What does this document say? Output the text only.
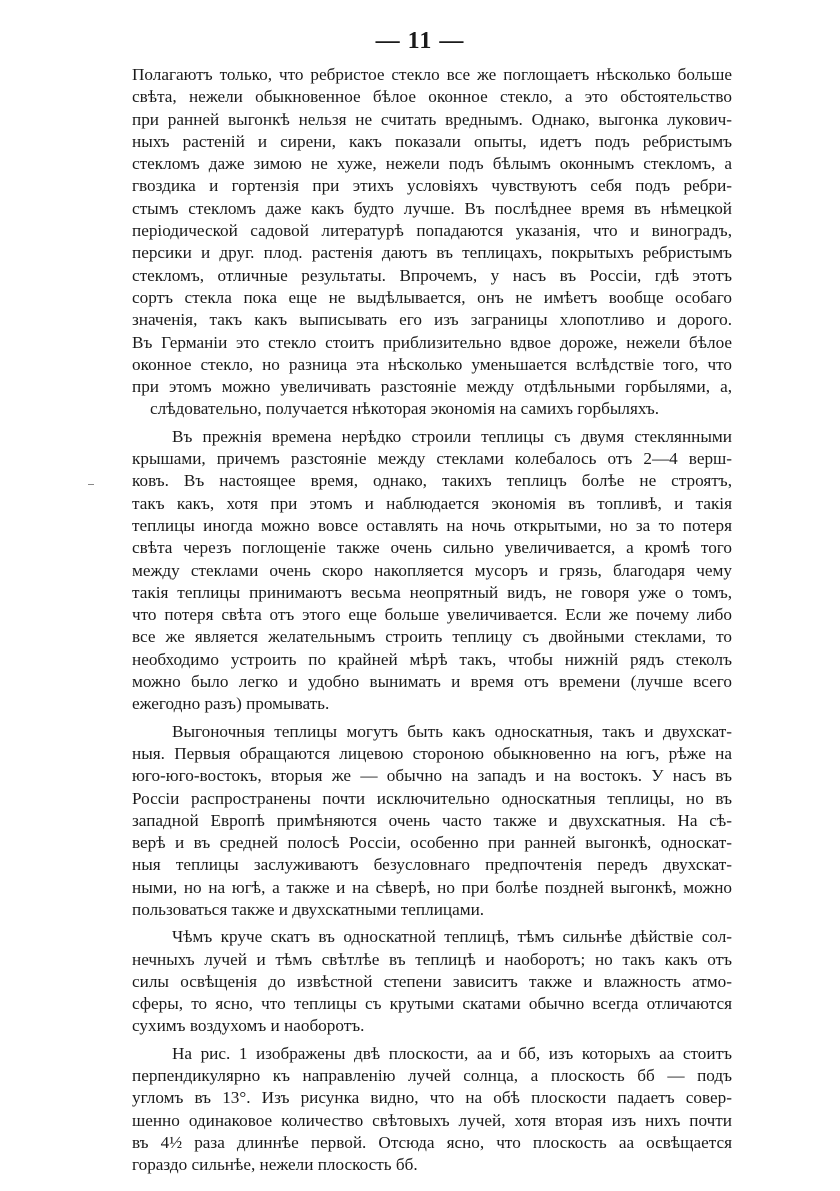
— 11 —
Полагаютъ только, что ребристое стекло все же поглощаетъ нѣсколько больше
свѣта, нежели обыкновенное бѣлое оконное стекло, а это обстоятельство
при ранней выгонкѣ нельзя не считать вреднымъ. Однако, выгонка лукович-
ныхъ растеній и сирени, какъ показали опыты, идетъ подъ ребристымъ
стекломъ даже зимою не хуже, нежели подъ бѣлымъ оконнымъ стекломъ, а
гвоздика и гортензія при этихъ условіяхъ чувствуютъ себя подъ ребри-
стымъ стекломъ даже какъ будто лучше. Въ послѣднее время въ нѣмецкой
періодической садовой литературѣ попадаются указанія, что и виноградъ,
персики и друг. плод. растенія даютъ въ теплицахъ, покрытыхъ ребристымъ
стекломъ, отличные результаты. Впрочемъ, у насъ въ Россіи, гдѣ этотъ
сортъ стекла пока еще не выдѣлывается, онъ не имѣетъ вообще особаго
значенія, такъ какъ выписывать его изъ заграницы хлопотливо и дорого.
Въ Германіи это стекло стоитъ приблизительно вдвое дороже, нежели бѣлое
оконное стекло, но разница эта нѣсколько уменьшается вслѣдствіе того, что
при этомъ можно увеличивать разстояніе между отдѣльными горбылями, а,
слѣдовательно, получается нѣкоторая экономія на самихъ горбыляхъ.
Въ прежнія времена нерѣдко строили теплицы съ двумя стеклянными
крышами, причемъ разстояніе между стеклами колебалось отъ 2—4 верш-
ковъ. Въ настоящее время, однако, такихъ теплицъ болѣе не строятъ,
такъ какъ, хотя при этомъ и наблюдается экономія въ топливѣ, и такія
теплицы иногда можно вовсе оставлять на ночь открытыми, но за то потеря
свѣта черезъ поглощеніе также очень сильно увеличивается, а кромѣ того
между стеклами очень скоро накопляется мусоръ и грязь, благодаря чему
такія теплицы принимаютъ весьма неопрятный видъ, не говоря уже о томъ,
что потеря свѣта отъ этого еще больше увеличивается. Если же почему либо
все же является желательнымъ строить теплицу съ двойными стеклами, то
необходимо устроить по крайней мѣрѣ такъ, чтобы нижній рядъ стеколъ
можно было легко и удобно вынимать и время отъ времени (лучше всего
ежегодно разъ) промывать.
Выгоночныя теплицы могутъ быть какъ односкатныя, такъ и двухскат-
ныя. Первыя обращаются лицевою стороною обыкновенно на югъ, рѣже на
юго-юго-востокъ, вторыя же — обычно на западъ и на востокъ. У насъ въ
Россіи распространены почти исключительно односкатныя теплицы, но въ
западной Европѣ примѣняются очень часто также и двухскатныя. На сѣ-
верѣ и въ средней полосѣ Россіи, особенно при ранней выгонкѣ, односкат-
ныя теплицы заслуживаютъ безусловнаго предпочтенія передъ двухскат-
ными, но на югѣ, а также и на сѣверѣ, но при болѣе поздней выгонкѣ, можно
пользоваться также и двухскатными теплицами.
Чѣмъ круче скатъ въ односкатной теплицѣ, тѣмъ сильнѣе дѣйствіе сол-
нечныхъ лучей и тѣмъ свѣтлѣе въ теплицѣ и наоборотъ; но такъ какъ отъ
силы освѣщенія до извѣстной степени зависитъ также и влажность атмо-
сферы, то ясно, что теплицы съ крутыми скатами обычно всегда отличаются
сухимъ воздухомъ и наоборотъ.
На рис. 1 изображены двѣ плоскости, аа и бб, изъ которыхъ аа стоитъ
перпендикулярно къ направленію лучей солнца, а плоскость бб — подъ
угломъ въ 13°. Изъ рисунка видно, что на обѣ плоскости падаетъ совер-
шенно одинаковое количество свѣтовыхъ лучей, хотя вторая изъ нихъ почти
въ 4½ раза длиннѣе первой. Отсюда ясно, что плоскость аа освѣщается
гораздо сильнѣе, нежели плоскость бб.
